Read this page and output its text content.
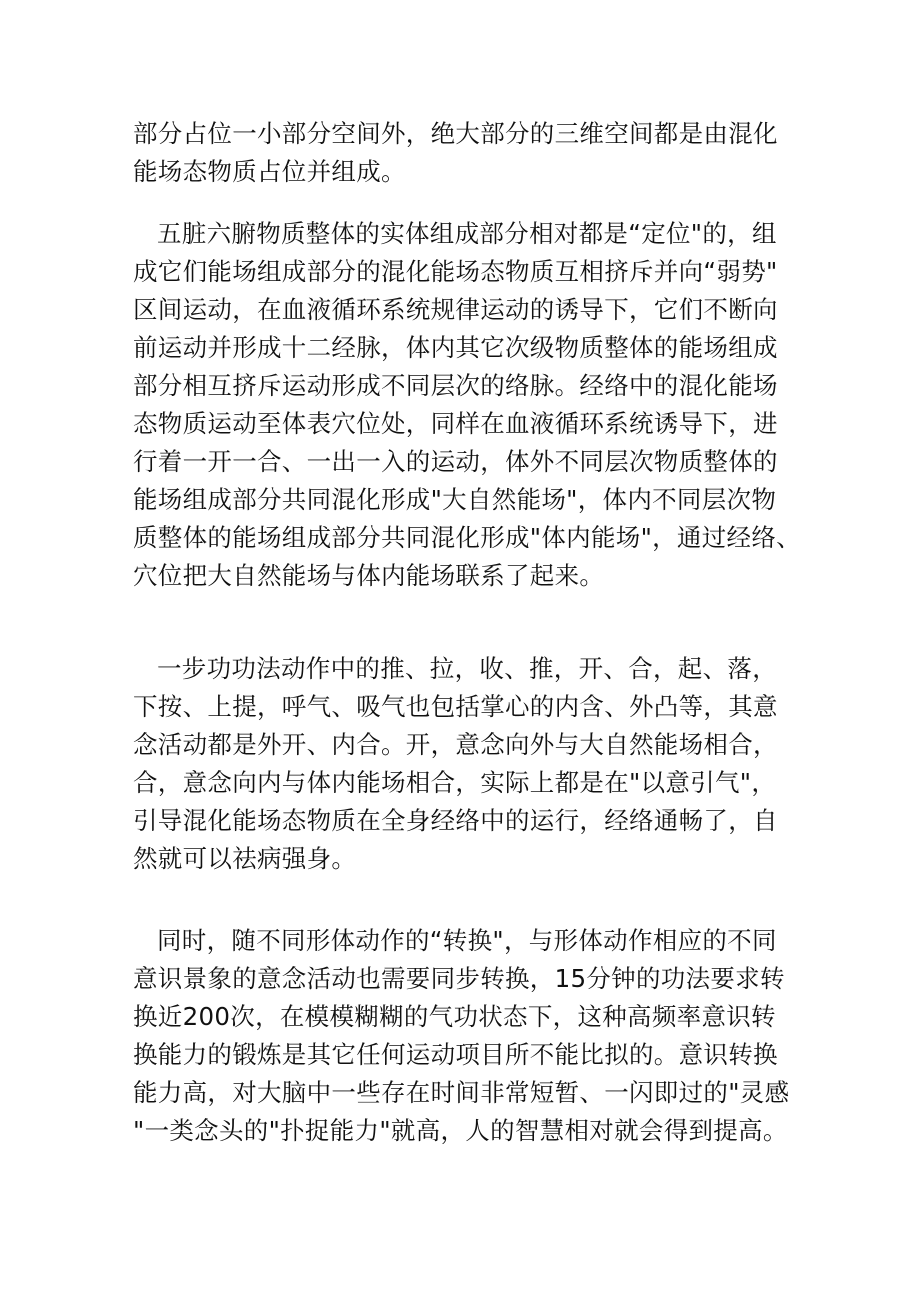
部分占位一小部分空间外，绝大部分的三维空间都是由混化
能场态物质占位并组成。
五脏六腑物质整体的实体组成部分相对都是“定位"的，组
成它们能场组成部分的混化能场态物质互相挤斥并向“弱势"
区间运动，在血液循环系统规律运动的诱导下，它们不断向
前运动并形成十二经脉，体内其它次级物质整体的能场组成
部分相互挤斥运动形成不同层次的络脉。经络中的混化能场
态物质运动至体表穴位处，同样在血液循环系统诱导下，进
行着一开一合、一出一入的运动，体外不同层次物质整体的
能场组成部分共同混化形成"大自然能场"，体内不同层次物
质整体的能场组成部分共同混化形成"体内能场"，通过经络、
穴位把大自然能场与体内能场联系了起来。
一步功功法动作中的推、拉，收、推，开、合，起、落，
下按、上提，呼气、吸气也包括掌心的内含、外凸等，其意
念活动都是外开、内合。开，意念向外与大自然能场相合，
合，意念向内与体内能场相合，实际上都是在"以意引气"，
引导混化能场态物质在全身经络中的运行，经络通畅了，自
然就可以祛病强身。
同时，随不同形体动作的“转换"，与形体动作相应的不同
意识景象的意念活动也需要同步转换，15分钟的功法要求转
换近200次，在模模糊糊的气功状态下，这种高频率意识转
换能力的锻炼是其它任何运动项目所不能比拟的。意识转换
能力高，对大脑中一些存在时间非常短暂、一闪即过的"灵感
"一类念头的"扑捉能力"就高，人的智慧相对就会得到提高。
